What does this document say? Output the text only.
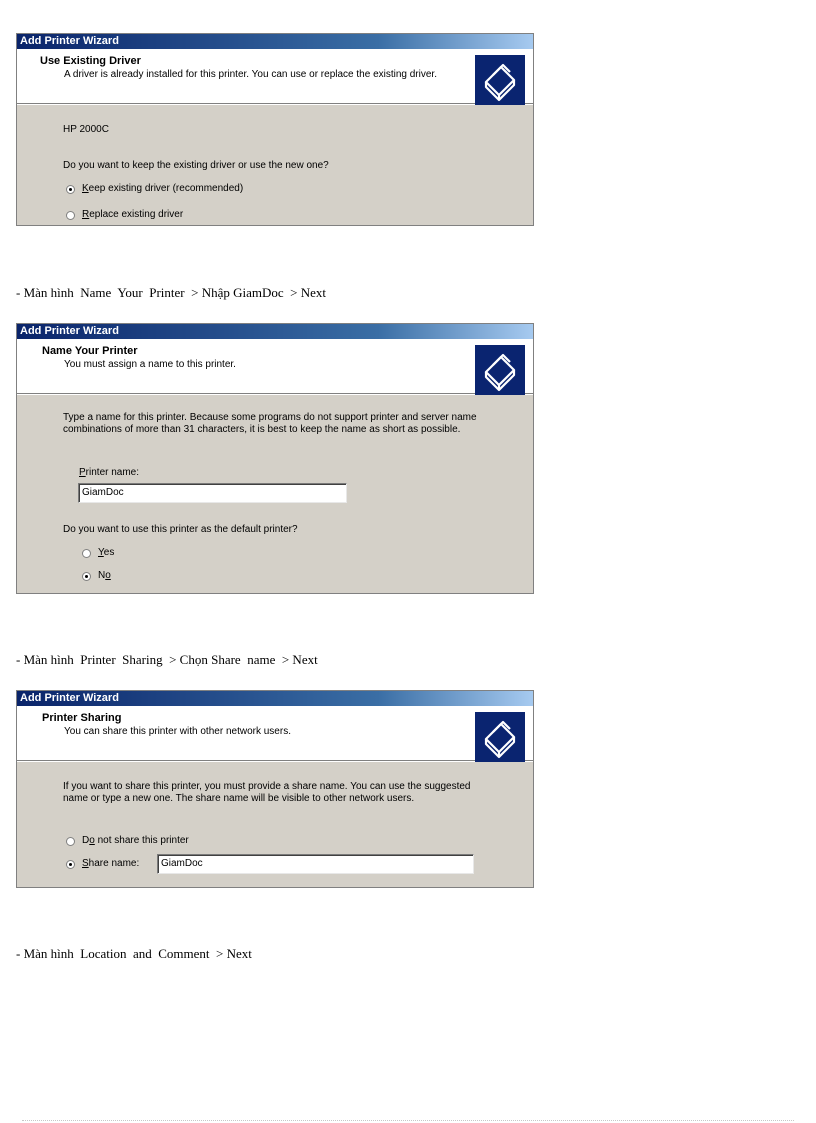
Add Printer Wizard
Use Existing Driver
A driver is already installed for this printer. You can use or replace the existing driver.
HP 2000C
Do you want to keep the existing driver or use the new one?
Keep existing driver (recommended)
Replace existing driver
- Màn hình  Name  Your  Printer  > Nhập GiamDoc  > Next
Add Printer Wizard
Name Your Printer
You must assign a name to this printer.
Type a name for this printer. Because some programs do not support printer and server name combinations of more than 31 characters, it is best to keep the name as short as possible.
Printer name:
GiamDoc
Do you want to use this printer as the default printer?
Yes
No
- Màn hình  Printer  Sharing  > Chọn Share  name  > Next
Add Printer Wizard
Printer Sharing
You can share this printer with other network users.
If you want to share this printer, you must provide a share name. You can use the suggested name or type a new one. The share name will be visible to other network users.
Do not share this printer
Share name:	GiamDoc
- Màn hình  Location  and  Comment  > Next
